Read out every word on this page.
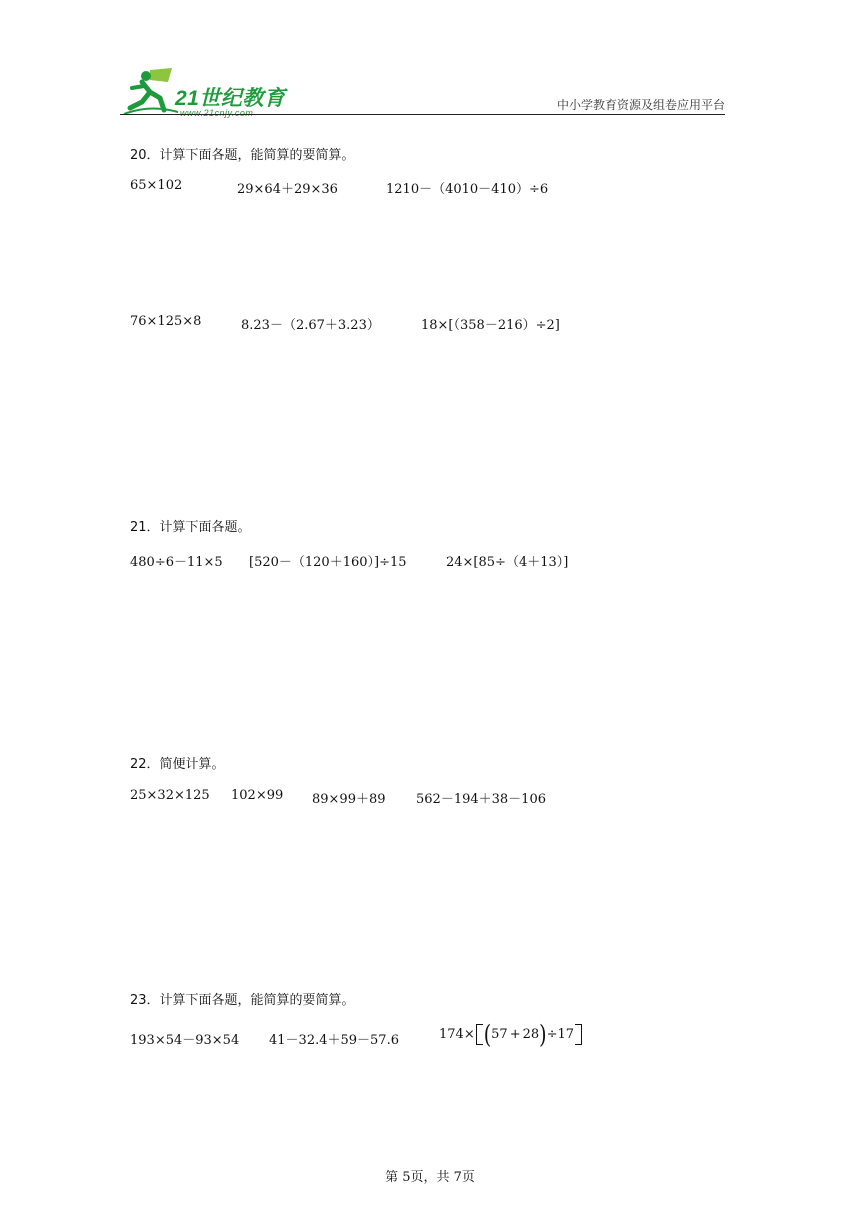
21世纪教育
www.21cnjy.com
中小学教育资源及组卷应用平台
20．计算下面各题，能简算的要简算。
65×102	29×64＋29×36	1210－（4010－410）÷6
76×125×8	8.23－（2.67＋3.23）	18×[（358－216）÷2]
21．计算下面各题。
480÷6－11×5 [520－（120＋160）]÷15	24×[85÷（4＋13）]
22．简便计算。
25×32×125 102×99 89×99＋89 562－194＋38－106
23．计算下面各题，能简算的要简算。
193×54－93×54 41－32.4＋59－57.6	174× ( 57 + 28 ) ÷17
第 5页，共 7页
